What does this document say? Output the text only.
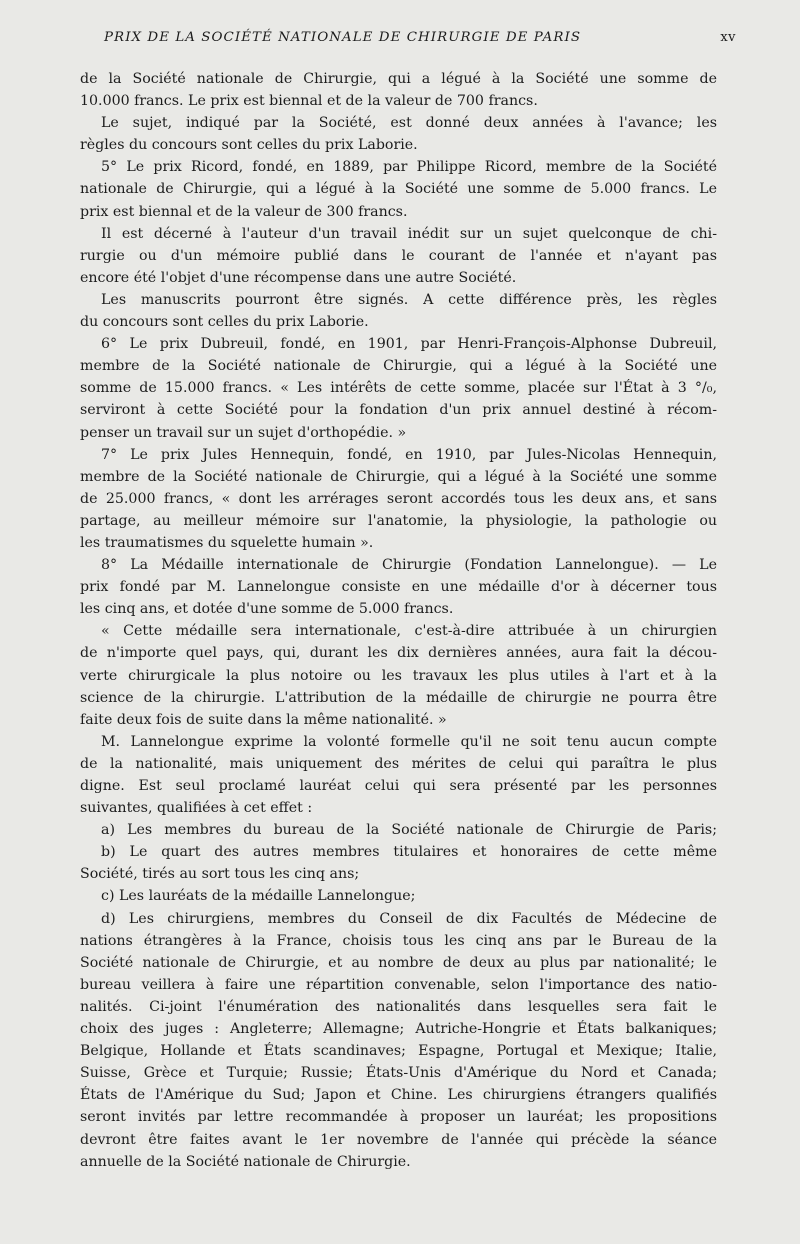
PRIX DE LA SOCIÉTÉ NATIONALE DE CHIRURGIE DE PARIS	xv
de la Société nationale de Chirurgie, qui a légué à la Société une somme de
10.000 francs. Le prix est biennal et de la valeur de 700 francs.
Le sujet, indiqué par la Société, est donné deux années à l'avance; les
règles du concours sont celles du prix Laborie.
5° Le prix Ricord, fondé, en 1889, par Philippe Ricord, membre de la Société
nationale de Chirurgie, qui a légué à la Société une somme de 5.000 francs. Le
prix est biennal et de la valeur de 300 francs.
Il est décerné à l'auteur d'un travail inédit sur un sujet quelconque de chi-
rurgie ou d'un mémoire publié dans le courant de l'année et n'ayant pas
encore été l'objet d'une récompense dans une autre Société.
Les manuscrits pourront être signés. A cette différence près, les règles
du concours sont celles du prix Laborie.
6° Le prix Dubreuil, fondé, en 1901, par Henri-François-Alphonse Dubreuil,
membre de la Société nationale de Chirurgie, qui a légué à la Société une
somme de 15.000 francs. « Les intérêts de cette somme, placée sur l'État à 3 °/₀,
serviront à cette Société pour la fondation d'un prix annuel destiné à récom-
penser un travail sur un sujet d'orthopédie. »
7° Le prix Jules Hennequin, fondé, en 1910, par Jules-Nicolas Hennequin,
membre de la Société nationale de Chirurgie, qui a légué à la Société une somme
de 25.000 francs, « dont les arrérages seront accordés tous les deux ans, et sans
partage, au meilleur mémoire sur l'anatomie, la physiologie, la pathologie ou
les traumatismes du squelette humain ».
8° La Médaille internationale de Chirurgie (Fondation Lannelongue). — Le
prix fondé par M. Lannelongue consiste en une médaille d'or à décerner tous
les cinq ans, et dotée d'une somme de 5.000 francs.
« Cette médaille sera internationale, c'est-à-dire attribuée à un chirurgien
de n'importe quel pays, qui, durant les dix dernières années, aura fait la décou-
verte chirurgicale la plus notoire ou les travaux les plus utiles à l'art et à la
science de la chirurgie. L'attribution de la médaille de chirurgie ne pourra être
faite deux fois de suite dans la même nationalité. »
M. Lannelongue exprime la volonté formelle qu'il ne soit tenu aucun compte
de la nationalité, mais uniquement des mérites de celui qui paraîtra le plus
digne. Est seul proclamé lauréat celui qui sera présenté par les personnes
suivantes, qualifiées à cet effet :
a) Les membres du bureau de la Société nationale de Chirurgie de Paris;
b) Le quart des autres membres titulaires et honoraires de cette même
Société, tirés au sort tous les cinq ans;
c) Les lauréats de la médaille Lannelongue;
d) Les chirurgiens, membres du Conseil de dix Facultés de Médecine de
nations étrangères à la France, choisis tous les cinq ans par le Bureau de la
Société nationale de Chirurgie, et au nombre de deux au plus par nationalité; le
bureau veillera à faire une répartition convenable, selon l'importance des natio-
nalités. Ci-joint l'énumération des nationalités dans lesquelles sera fait le
choix des juges : Angleterre; Allemagne; Autriche-Hongrie et États balkaniques;
Belgique, Hollande et États scandinaves; Espagne, Portugal et Mexique; Italie,
Suisse, Grèce et Turquie; Russie; États-Unis d'Amérique du Nord et Canada;
États de l'Amérique du Sud; Japon et Chine. Les chirurgiens étrangers qualifiés
seront invités par lettre recommandée à proposer un lauréat; les propositions
devront être faites avant le 1er novembre de l'année qui précède la séance
annuelle de la Société nationale de Chirurgie.
